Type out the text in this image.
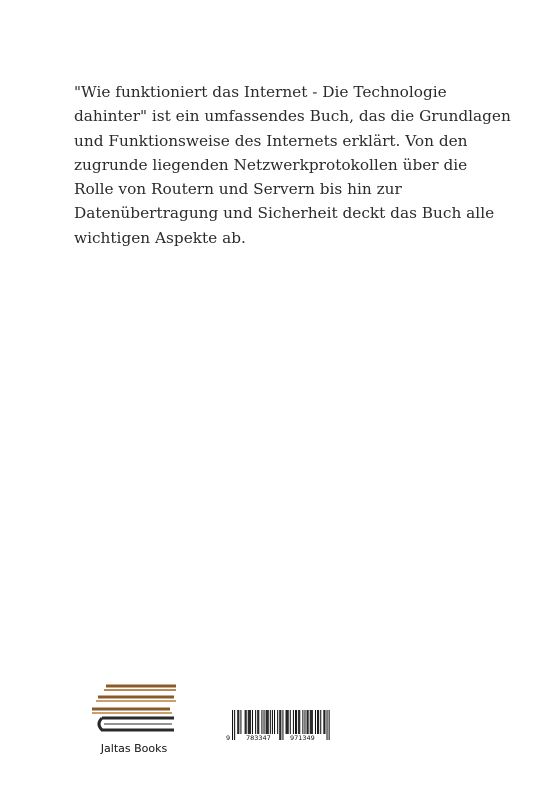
"Wie funktioniert das Internet - Die Technologie
dahinter" ist ein umfassendes Buch, das die Grundlagen
und Funktionsweise des Internets erklärt. Von den
zugrunde liegenden Netzwerkprotokollen über die
Rolle von Routern und Servern bis hin zur
Datenübertragung und Sicherheit deckt das Buch alle
wichtigen Aspekte ab.
Jaltas Books
9 783347	971349
